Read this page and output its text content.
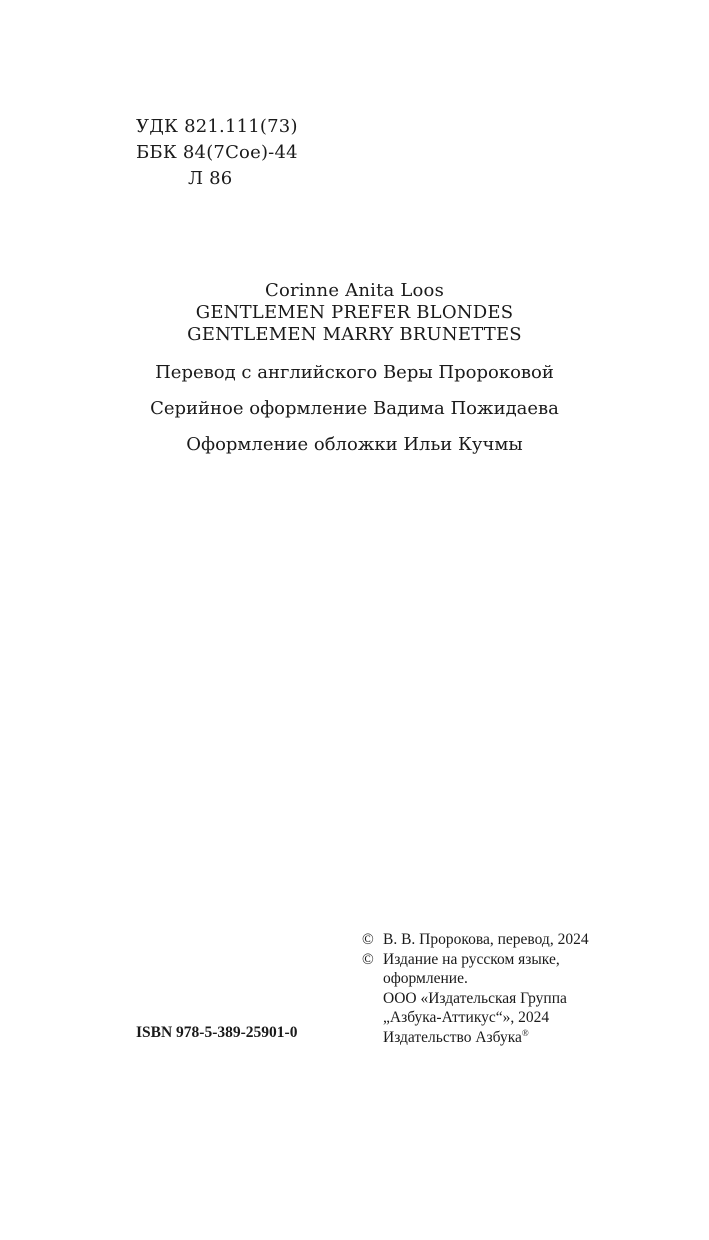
УДК 821.111(73)
ББК 84(7Сое)-44
Л 86
Corinne Anita Loos
GENTLEMEN PREFER BLONDES
GENTLEMEN MARRY BRUNETTES
Перевод с английского Веры Пророковой
Серийное оформление Вадима Пожидаева
Оформление обложки Ильи Кучмы
© В. В. Пророкова, перевод, 2024
© Издание на русском языке,
оформление.
ООО «Издательская Группа
„Азбука-Аттикус“», 2024
Издательство Азбука®
ISBN 978-5-389-25901-0
